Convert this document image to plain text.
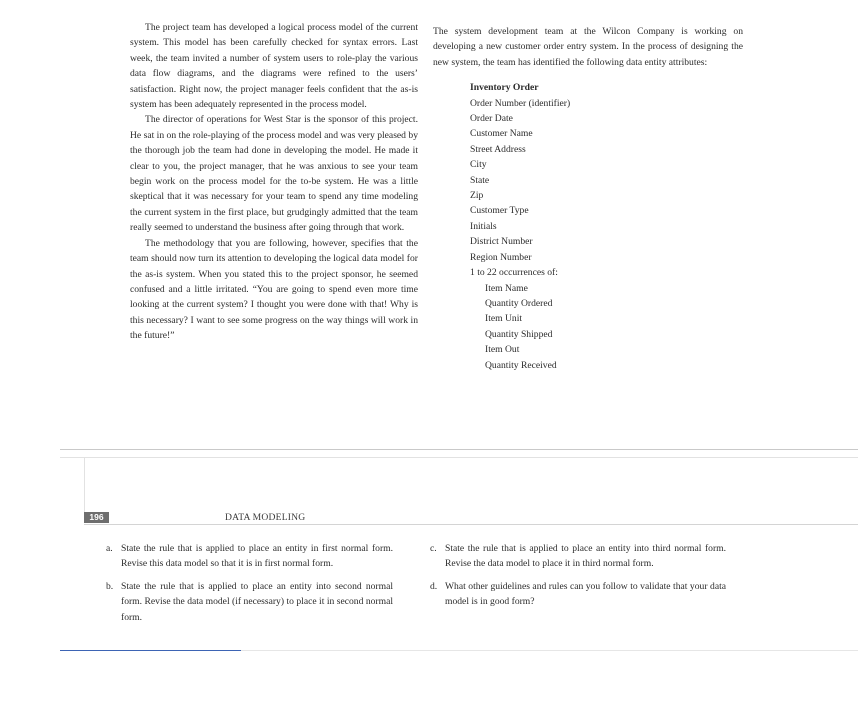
The project team has developed a logical process model of the current system. This model has been carefully checked for syntax errors. Last week, the team invited a number of system users to role-play the various data flow diagrams, and the diagrams were refined to the users’ satisfaction. Right now, the project manager feels confident that the as-is system has been adequately represented in the process model.

The director of operations for West Star is the sponsor of this project. He sat in on the role-playing of the process model and was very pleased by the thorough job the team had done in developing the model. He made it clear to you, the project manager, that he was anxious to see your team begin work on the process model for the to-be system. He was a little skeptical that it was necessary for your team to spend any time modeling the current system in the first place, but grudgingly admitted that the team really seemed to understand the business after going through that work.

The methodology that you are following, however, specifies that the team should now turn its attention to developing the logical data model for the as-is system. When you stated this to the project sponsor, he seemed confused and a little irritated. “You are going to spend even more time looking at the current system? I thought you were done with that! Why is this necessary? I want to see some progress on the way things will work in the future!”

The system development team at the Wilcon Company is working on developing a new customer order entry system. In the process of designing the new system, the team has identified the following data entity attributes:

Inventory Order
Order Number (identifier)
Order Date
Customer Name
Street Address
City
State
Zip
Customer Type
Initials
District Number
Region Number
1 to 22 occurrences of:
Item Name
Quantity Ordered
Item Unit
Quantity Shipped
Item Out
Quantity Received
196	DATA MODELING
a. State the rule that is applied to place an entity in first normal form. Revise this data model so that it is in first normal form.
b. State the rule that is applied to place an entity into second normal form. Revise the data model (if necessary) to place it in second normal form.
c. State the rule that is applied to place an entity into third normal form. Revise the data model to place it in third normal form.
d. What other guidelines and rules can you follow to validate that your data model is in good form?
